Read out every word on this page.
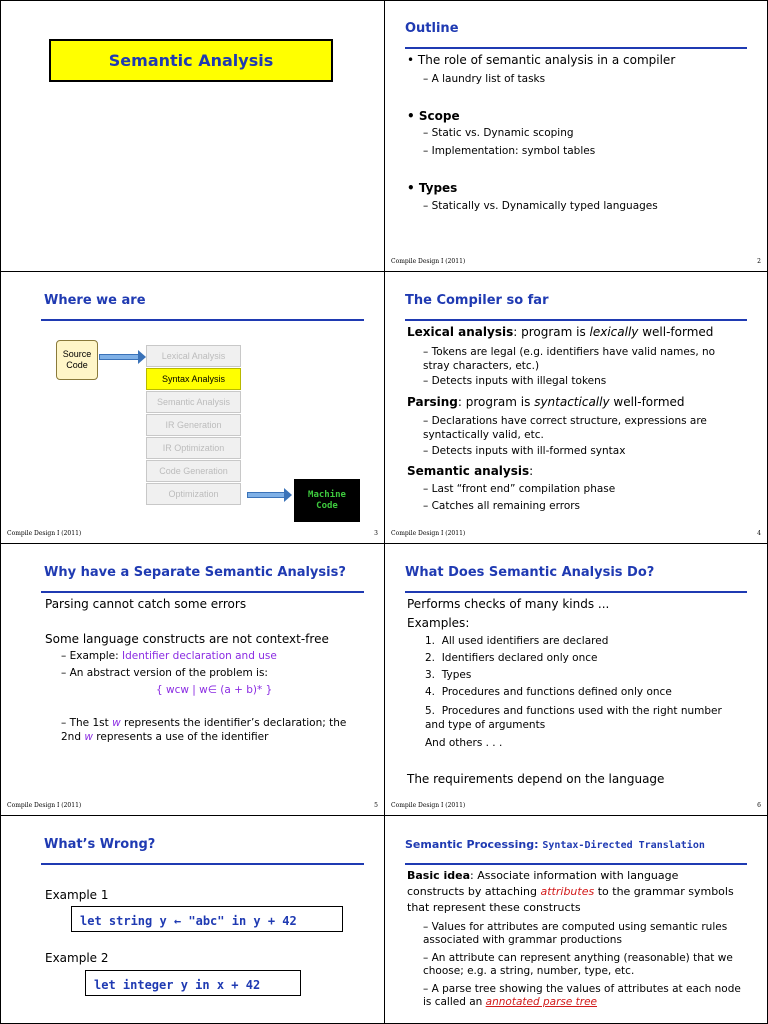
Semantic Analysis
Outline
• The role of semantic analysis in a compiler
– A laundry list of tasks
• Scope
– Static vs. Dynamic scoping
– Implementation: symbol tables
• Types
– Statically vs. Dynamically typed languages
Compile Design I (2011)	2
Where we are
Source Code
Lexical Analysis
Syntax Analysis
Semantic Analysis
IR Generation
IR Optimization
Code Generation
Optimization	Machine Code
Compile Design I (2011)	3
The Compiler so far
Lexical analysis: program is lexically well-formed
– Tokens are legal (e.g. identifiers have valid names, no stray characters, etc.)
– Detects inputs with illegal tokens
Parsing: program is syntactically well-formed
– Declarations have correct structure, expressions are syntactically valid, etc.
– Detects inputs with ill-formed syntax
Semantic analysis:
– Last “front end” compilation phase
– Catches all remaining errors
Compile Design I (2011)	4
Why have a Separate Semantic Analysis?
Parsing cannot catch some errors
Some language constructs are not context-free
– Example: Identifier declaration and use
– An abstract version of the problem is:
{ wcw | w∈ (a + b)* }
– The 1st w represents the identifier’s declaration; the 2nd w represents a use of the identifier
Compile Design I (2011)	5
What Does Semantic Analysis Do?
Performs checks of many kinds ...
Examples:
1.  All used identifiers are declared
2.  Identifiers declared only once
3.  Types
4.  Procedures and functions defined only once
5.  Procedures and functions used with the right number and type of arguments
And others . . .
The requirements depend on the language
Compile Design I (2011)	6
What’s Wrong?
Example 1
let string y ← "abc" in y + 42
Example 2
let integer y in x + 42
Semantic Processing: Syntax-Directed Translation
Basic idea: Associate information with language constructs by attaching attributes to the grammar symbols that represent these constructs
– Values for attributes are computed using semantic rules associated with grammar productions
– An attribute can represent anything (reasonable) that we choose; e.g. a string, number, type, etc.
– A parse tree showing the values of attributes at each node is called an annotated parse tree
